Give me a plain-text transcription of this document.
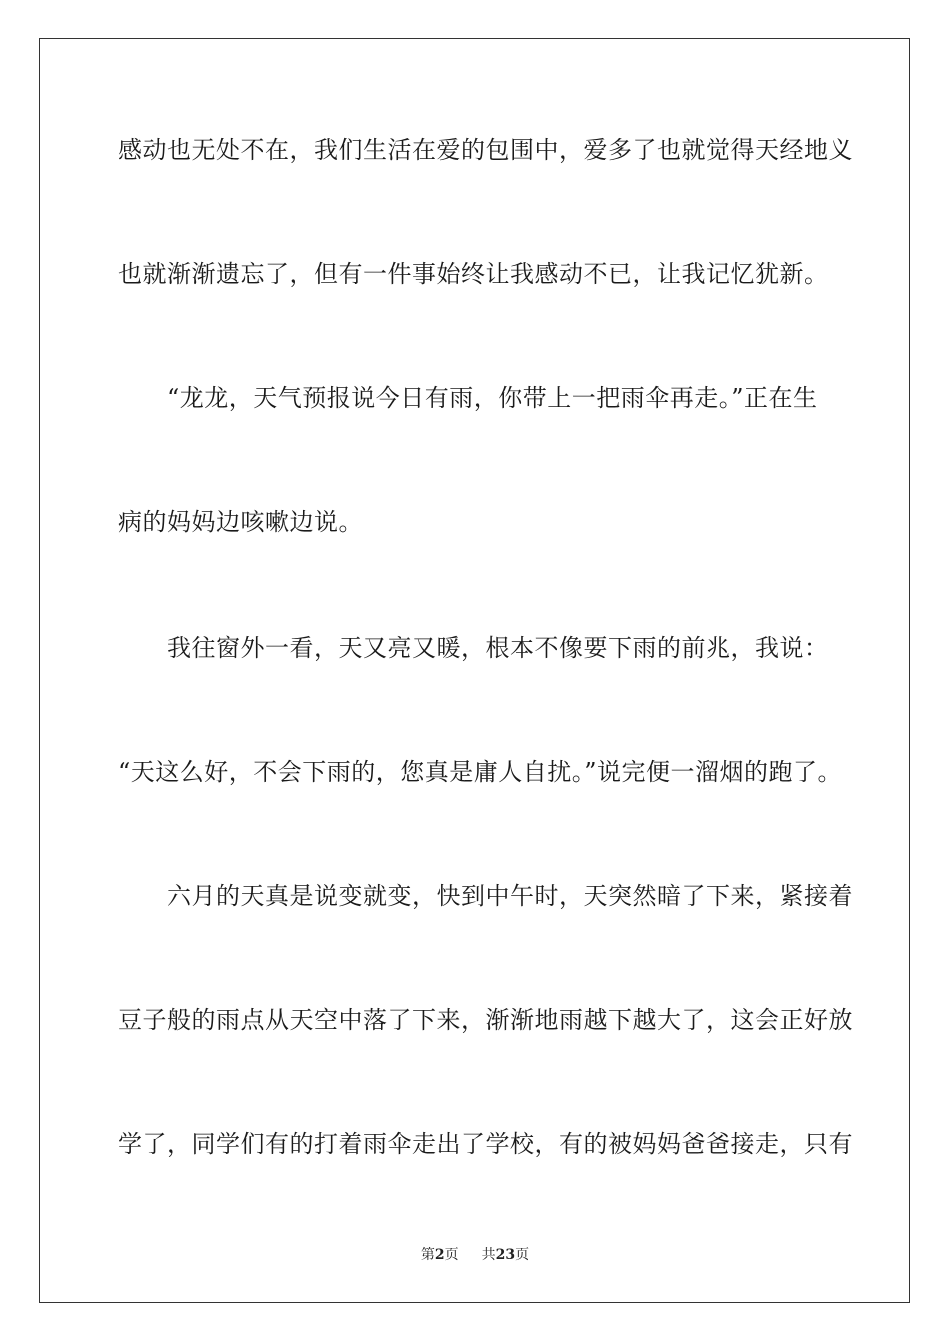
感动也无处不在，我们生活在爱的包围中，爱多了也就觉得天经地义
也就渐渐遗忘了，但有一件事始终让我感动不已，让我记忆犹新。
　　“龙龙，天气预报说今日有雨，你带上一把雨伞再走。”正在生
病的妈妈边咳嗽边说。
　　我往窗外一看，天又亮又暖，根本不像要下雨的前兆，我说：
“天这么好，不会下雨的，您真是庸人自扰。”说完便一溜烟的跑了。
　　六月的天真是说变就变，快到中午时，天突然暗了下来，紧接着
豆子般的雨点从天空中落了下来，渐渐地雨越下越大了，这会正好放
学了，同学们有的打着雨伞走出了学校，有的被妈妈爸爸接走，只有
第2页 共23页
